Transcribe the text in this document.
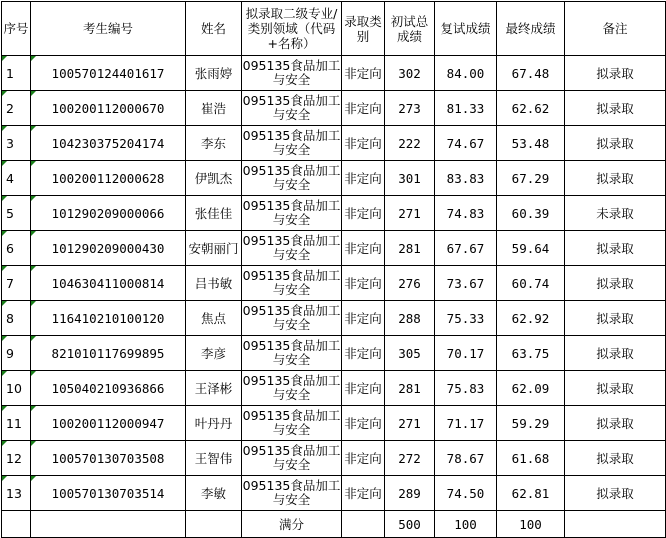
序号	考生编号	姓名	拟录取二级专业/类别领域（代码+名称）	录取类别	初试总成绩	复试成绩	最终成绩	备注
1	100570124401617	张雨婷	095135食品加工与安全	非定向	302	84.00	67.48	拟录取
2	100200112000670	崔浩	095135食品加工与安全	非定向	273	81.33	62.62	拟录取
3	104230375204174	李东	095135食品加工与安全	非定向	222	74.67	53.48	拟录取
4	100200112000628	伊凯杰	095135食品加工与安全	非定向	301	83.83	67.29	拟录取
5	101290209000066	张佳佳	095135食品加工与安全	非定向	271	74.83	60.39	未录取
6	101290209000430	安朝丽门	095135食品加工与安全	非定向	281	67.67	59.64	拟录取
7	104630411000814	吕书敏	095135食品加工与安全	非定向	276	73.67	60.74	拟录取
8	116410210100120	焦点	095135食品加工与安全	非定向	288	75.33	62.92	拟录取
9	821010117699895	李彦	095135食品加工与安全	非定向	305	70.17	63.75	拟录取
10	105040210936866	王泽彬	095135食品加工与安全	非定向	281	75.83	62.09	拟录取
11	100200112000947	叶丹丹	095135食品加工与安全	非定向	271	71.17	59.29	拟录取
12	100570130703508	王智伟	095135食品加工与安全	非定向	272	78.67	61.68	拟录取
13	100570130703514	李敏	095135食品加工与安全	非定向	289	74.50	62.81	拟录取
			满分		500	100	100	
